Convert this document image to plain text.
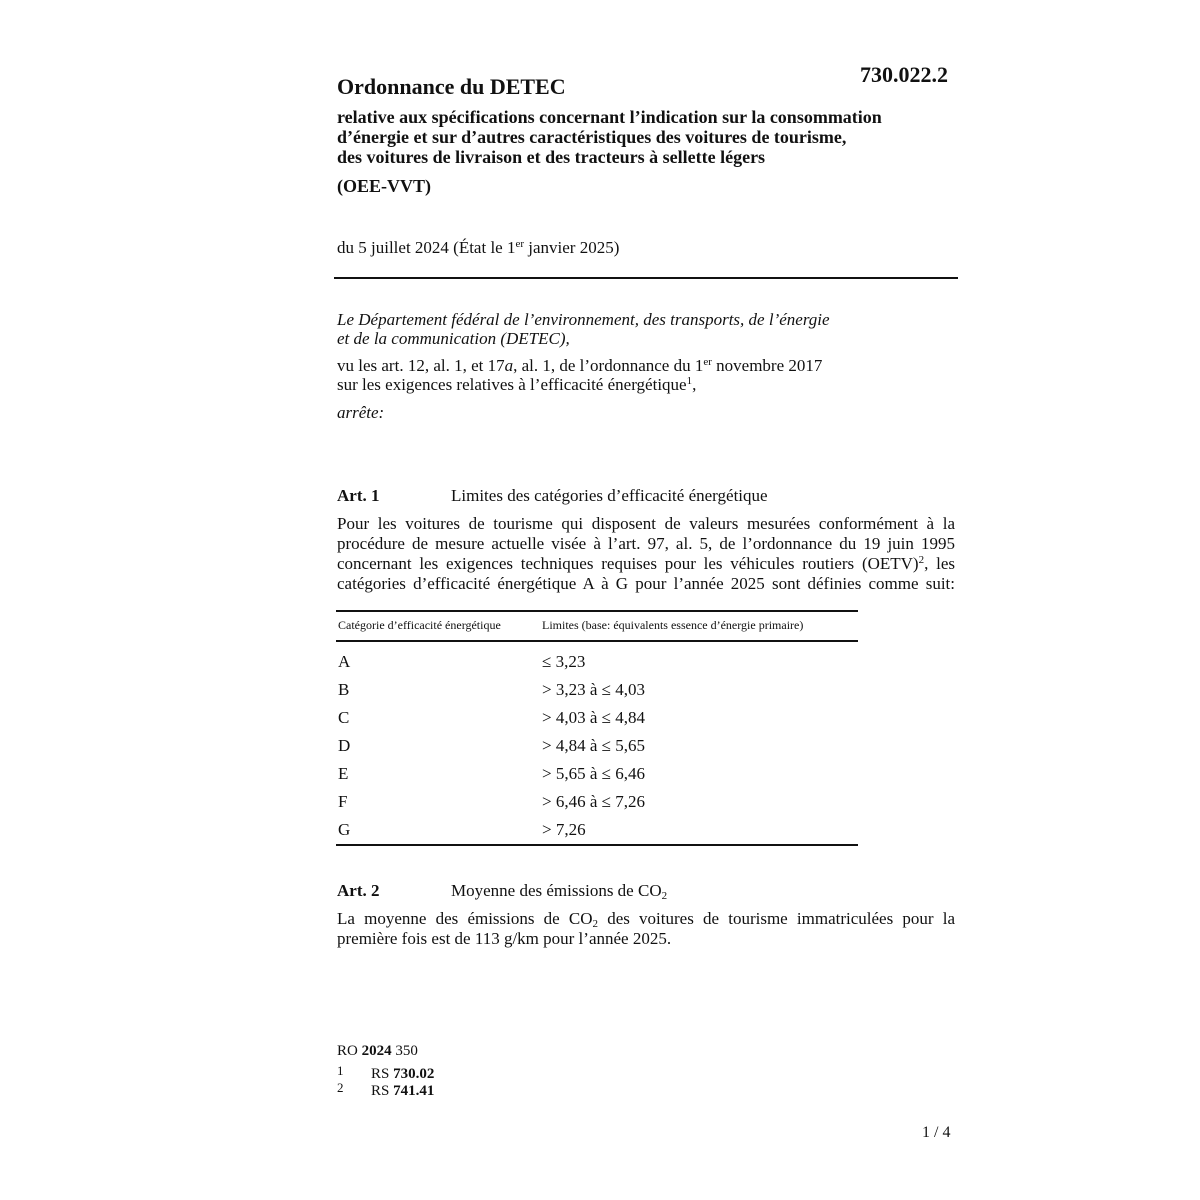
730.022.2
Ordonnance du DETEC
relative aux spécifications concernant l’indication sur la consommation
d’énergie et sur d’autres caractéristiques des voitures de tourisme,
des voitures de livraison et des tracteurs à sellette légers
(OEE-VVT)
du 5 juillet 2024 (État le 1er janvier 2025)
Le Département fédéral de l’environnement, des transports, de l’énergie
et de la communication (DETEC),
vu les art. 12, al. 1, et 17a, al. 1, de l’ordonnance du 1er novembre 2017
sur les exigences relatives à l’efficacité énergétique$^1$,
arrête:
Art. 1	Limites des catégories d’efficacité énergétique
Pour les voitures de tourisme qui disposent de valeurs mesurées conformément à la
procédure de mesure actuelle visée à l’art. 97, al. 5, de l’ordonnance du 19 juin 1995
concernant les exigences techniques requises pour les véhicules routiers (OETV)$^2$, les
catégories d’efficacité énergétique A à G pour l’année 2025 sont définies comme suit:
Catégorie d’efficacité énergétique	Limites (base: équivalents essence d’énergie primaire)
A	≤ 3,23
B	> 3,23 à ≤ 4,03
C	> 4,03 à ≤ 4,84
D	> 4,84 à ≤ 5,65
E	> 5,65 à ≤ 6,46
F	> 6,46 à ≤ 7,26
G	> 7,26
Art. 2	Moyenne des émissions de $CO_2$
La moyenne des émissions de $CO_2$ des voitures de tourisme immatriculées pour la
première fois est de 113 g/km pour l’année 2025.
RO 2024 350
1 RS 730.02
2 RS 741.41
1 / 4
